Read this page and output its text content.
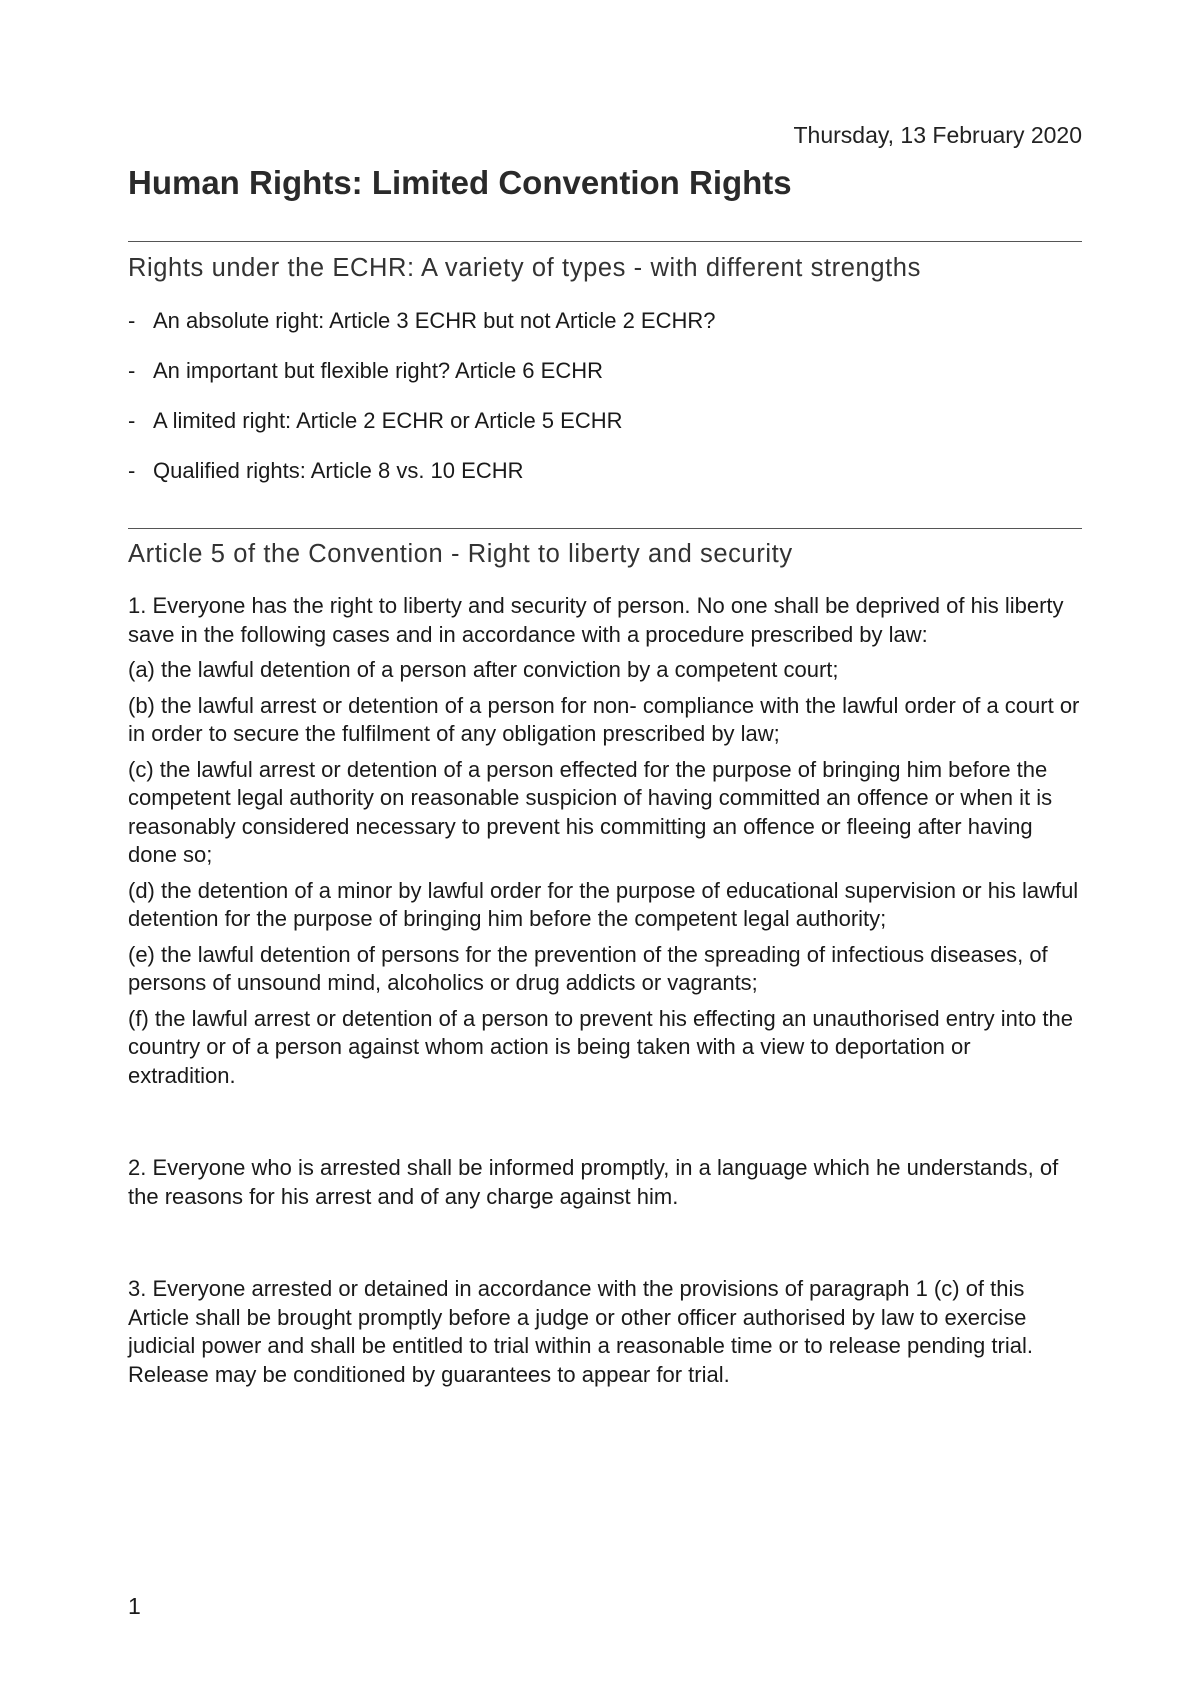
Thursday, 13 February 2020
Human Rights: Limited Convention Rights
Rights under the ECHR: A variety of types - with different strengths
- An absolute right: Article 3 ECHR but not Article 2 ECHR?
- An important but flexible right? Article 6 ECHR
- A limited right: Article 2 ECHR or Article 5 ECHR
- Qualified rights: Article 8 vs. 10 ECHR
Article 5 of the Convention - Right to liberty and security

1. Everyone has the right to liberty and security of person. No one shall be deprived of his liberty save in the following cases and in accordance with a procedure prescribed by law:

(a) the lawful detention of a person after conviction by a competent court;

(b) the lawful arrest or detention of a person for non- compliance with the lawful order of a court or in order to secure the fulfilment of any obligation prescribed by law;

(c) the lawful arrest or detention of a person effected for the purpose of bringing him before the competent legal authority on reasonable suspicion of having committed an offence or when it is reasonably considered necessary to prevent his committing an offence or fleeing after having done so;

(d) the detention of a minor by lawful order for the purpose of educational supervision or his lawful detention for the purpose of bringing him before the competent legal authority;

(e) the lawful detention of persons for the prevention of the spreading of infectious diseases, of persons of unsound mind, alcoholics or drug addicts or vagrants;

(f) the lawful arrest or detention of a person to prevent his effecting an unauthorised entry into the country or of a person against whom action is being taken with a view to deportation or extradition.

2. Everyone who is arrested shall be informed promptly, in a language which he understands, of the reasons for his arrest and of any charge against him.

3. Everyone arrested or detained in accordance with the provisions of paragraph 1 (c) of this Article shall be brought promptly before a judge or other officer authorised by law to exercise judicial power and shall be entitled to trial within a reasonable time or to release pending trial. Release may be conditioned by guarantees to appear for trial.

1
